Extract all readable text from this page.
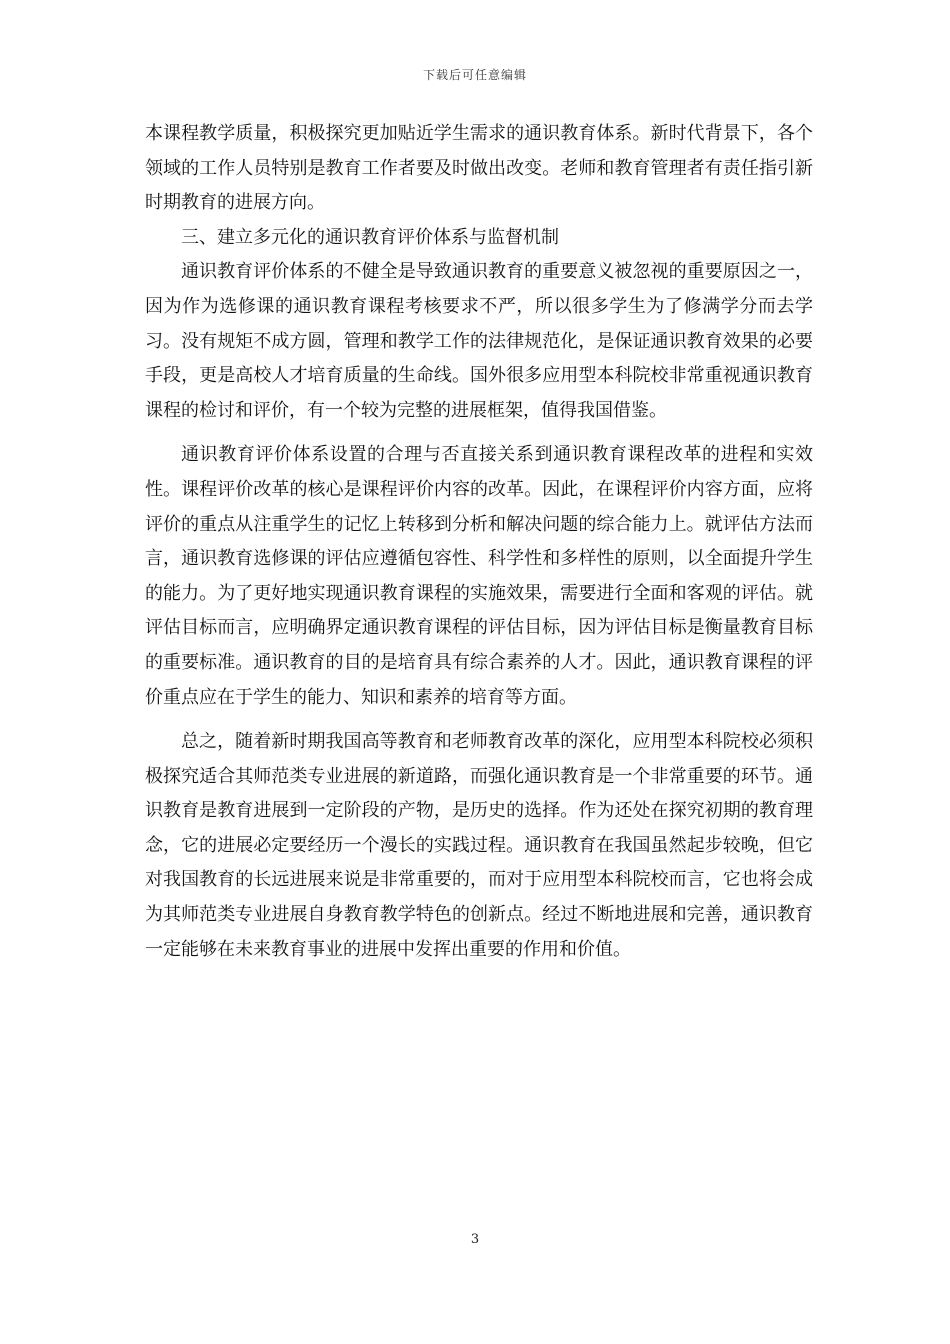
下载后可任意编辑

本课程教学质量，积极探究更加贴近学生需求的通识教育体系。新时代背景下，各个领域的工作人员特别是教育工作者要及时做出改变。老师和教育管理者有责任指引新时期教育的进展方向。

三、建立多元化的通识教育评价体系与监督机制

通识教育评价体系的不健全是导致通识教育的重要意义被忽视的重要原因之一，因为作为选修课的通识教育课程考核要求不严，所以很多学生为了修满学分而去学习。没有规矩不成方圆，管理和教学工作的法律规范化，是保证通识教育效果的必要手段，更是高校人才培育质量的生命线。国外很多应用型本科院校非常重视通识教育课程的检讨和评价，有一个较为完整的进展框架，值得我国借鉴。

通识教育评价体系设置的合理与否直接关系到通识教育课程改革的进程和实效性。课程评价改革的核心是课程评价内容的改革。因此，在课程评价内容方面，应将评价的重点从注重学生的记忆上转移到分析和解决问题的综合能力上。就评估方法而言，通识教育选修课的评估应遵循包容性、科学性和多样性的原则，以全面提升学生的能力。为了更好地实现通识教育课程的实施效果，需要进行全面和客观的评估。就评估目标而言，应明确界定通识教育课程的评估目标，因为评估目标是衡量教育目标的重要标准。通识教育的目的是培育具有综合素养的人才。因此，通识教育课程的评价重点应在于学生的能力、知识和素养的培育等方面。

总之，随着新时期我国高等教育和老师教育改革的深化，应用型本科院校必须积极探究适合其师范类专业进展的新道路，而强化通识教育是一个非常重要的环节。通识教育是教育进展到一定阶段的产物，是历史的选择。作为还处在探究初期的教育理念，它的进展必定要经历一个漫长的实践过程。通识教育在我国虽然起步较晚，但它对我国教育的长远进展来说是非常重要的，而对于应用型本科院校而言，它也将会成为其师范类专业进展自身教育教学特色的创新点。经过不断地进展和完善，通识教育一定能够在未来教育事业的进展中发挥出重要的作用和价值。

3
